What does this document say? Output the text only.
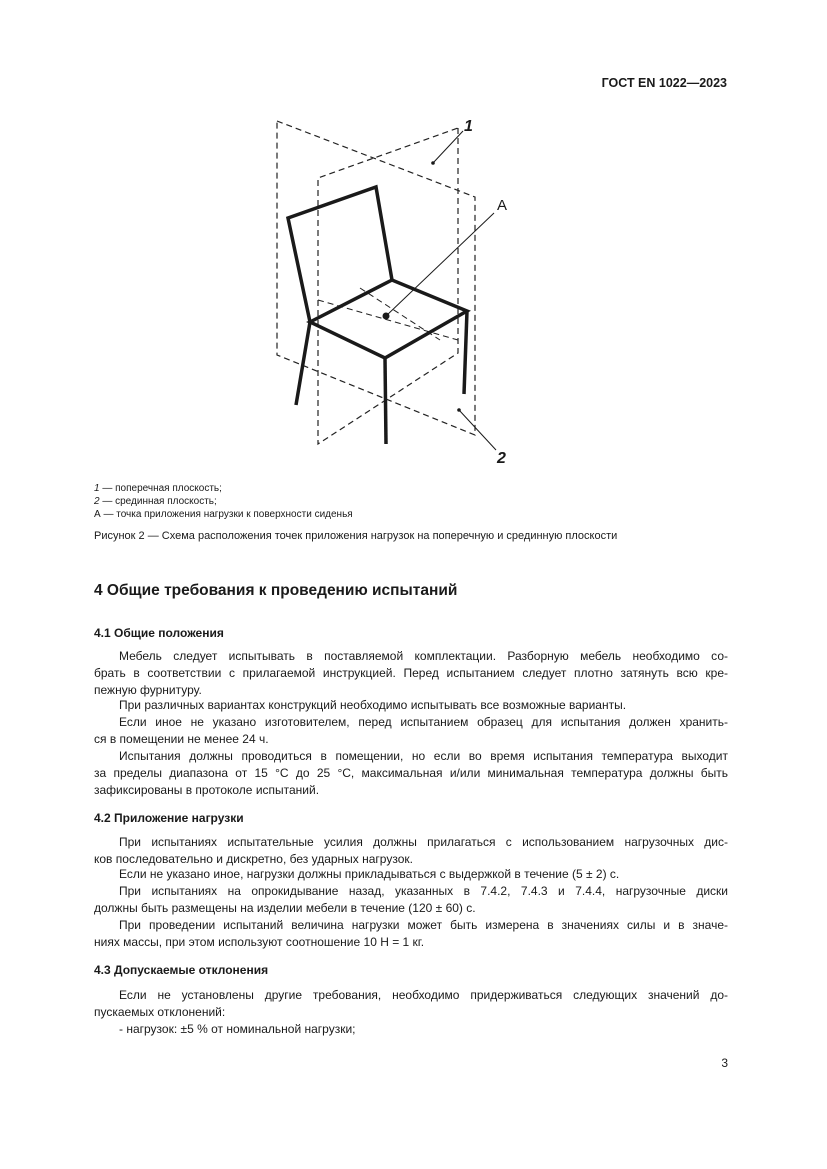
ГОСТ EN 1022—2023
A
1
2
1 — поперечная плоскость;
2 — срединная плоскость;
А — точка приложения нагрузки к поверхности сиденья
Рисунок 2 — Схема расположения точек приложения нагрузок на поперечную и срединную плоскости
4 Общие требования к проведению испытаний
4.1 Общие положения
Мебель следует испытывать в поставляемой комплектации. Разборную мебель необходимо со-
брать в соответствии с прилагаемой инструкцией. Перед испытанием следует плотно затянуть всю кре-
пежную фурнитуру.
При различных вариантах конструкций необходимо испытывать все возможные варианты.
Если иное не указано изготовителем, перед испытанием образец для испытания должен хранить-
ся в помещении не менее 24 ч.
Испытания должны проводиться в помещении, но если во время испытания температура выходит
за пределы диапазона от 15 °С до 25 °С, максимальная и/или минимальная температура должны быть
зафиксированы в протоколе испытаний.
4.2 Приложение нагрузки
При испытаниях испытательные усилия должны прилагаться с использованием нагрузочных дис-
ков последовательно и дискретно, без ударных нагрузок.
Если не указано иное, нагрузки должны прикладываться с выдержкой в течение (5 ± 2) с.
При испытаниях на опрокидывание назад, указанных в 7.4.2, 7.4.3 и 7.4.4, нагрузочные диски
должны быть размещены на изделии мебели в течение (120 ± 60) с.
При проведении испытаний величина нагрузки может быть измерена в значениях силы и в значе-
ниях массы, при этом используют соотношение 10 Н = 1 кг.
4.3 Допускаемые отклонения
Если не установлены другие требования, необходимо придерживаться следующих значений до-
пускаемых отклонений:
- нагрузок: ±5 % от номинальной нагрузки;
3
